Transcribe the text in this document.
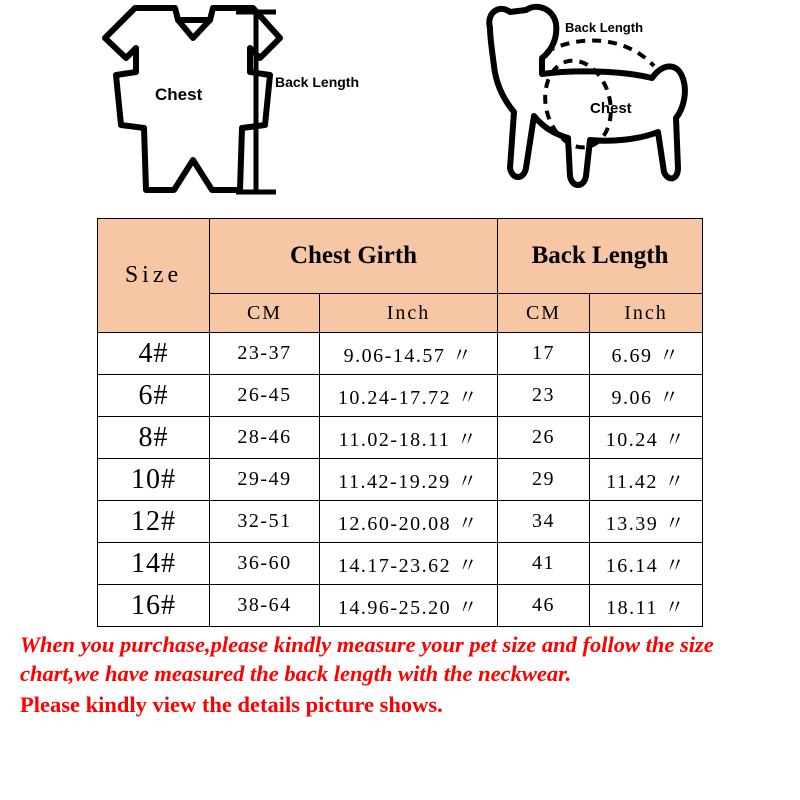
Chest
Back Length
Back Length
Chest
Size	Chest Girth		Back Length	
	CM	Inch	CM	Inch
4#	23-37	9.06-14.57 〃	17	6.69 〃
6#	26-45	10.24-17.72 〃	23	9.06 〃
8#	28-46	11.02-18.11 〃	26	10.24 〃
10#	29-49	11.42-19.29 〃	29	11.42 〃
12#	32-51	12.60-20.08 〃	34	13.39 〃
14#	36-60	14.17-23.62 〃	41	16.14 〃
16#	38-64	14.96-25.20 〃	46	18.11 〃

When you purchase,please kindly measure your pet size and follow the size chart,we have measured the back length with the neckwear.

Please kindly view the details picture shows.
